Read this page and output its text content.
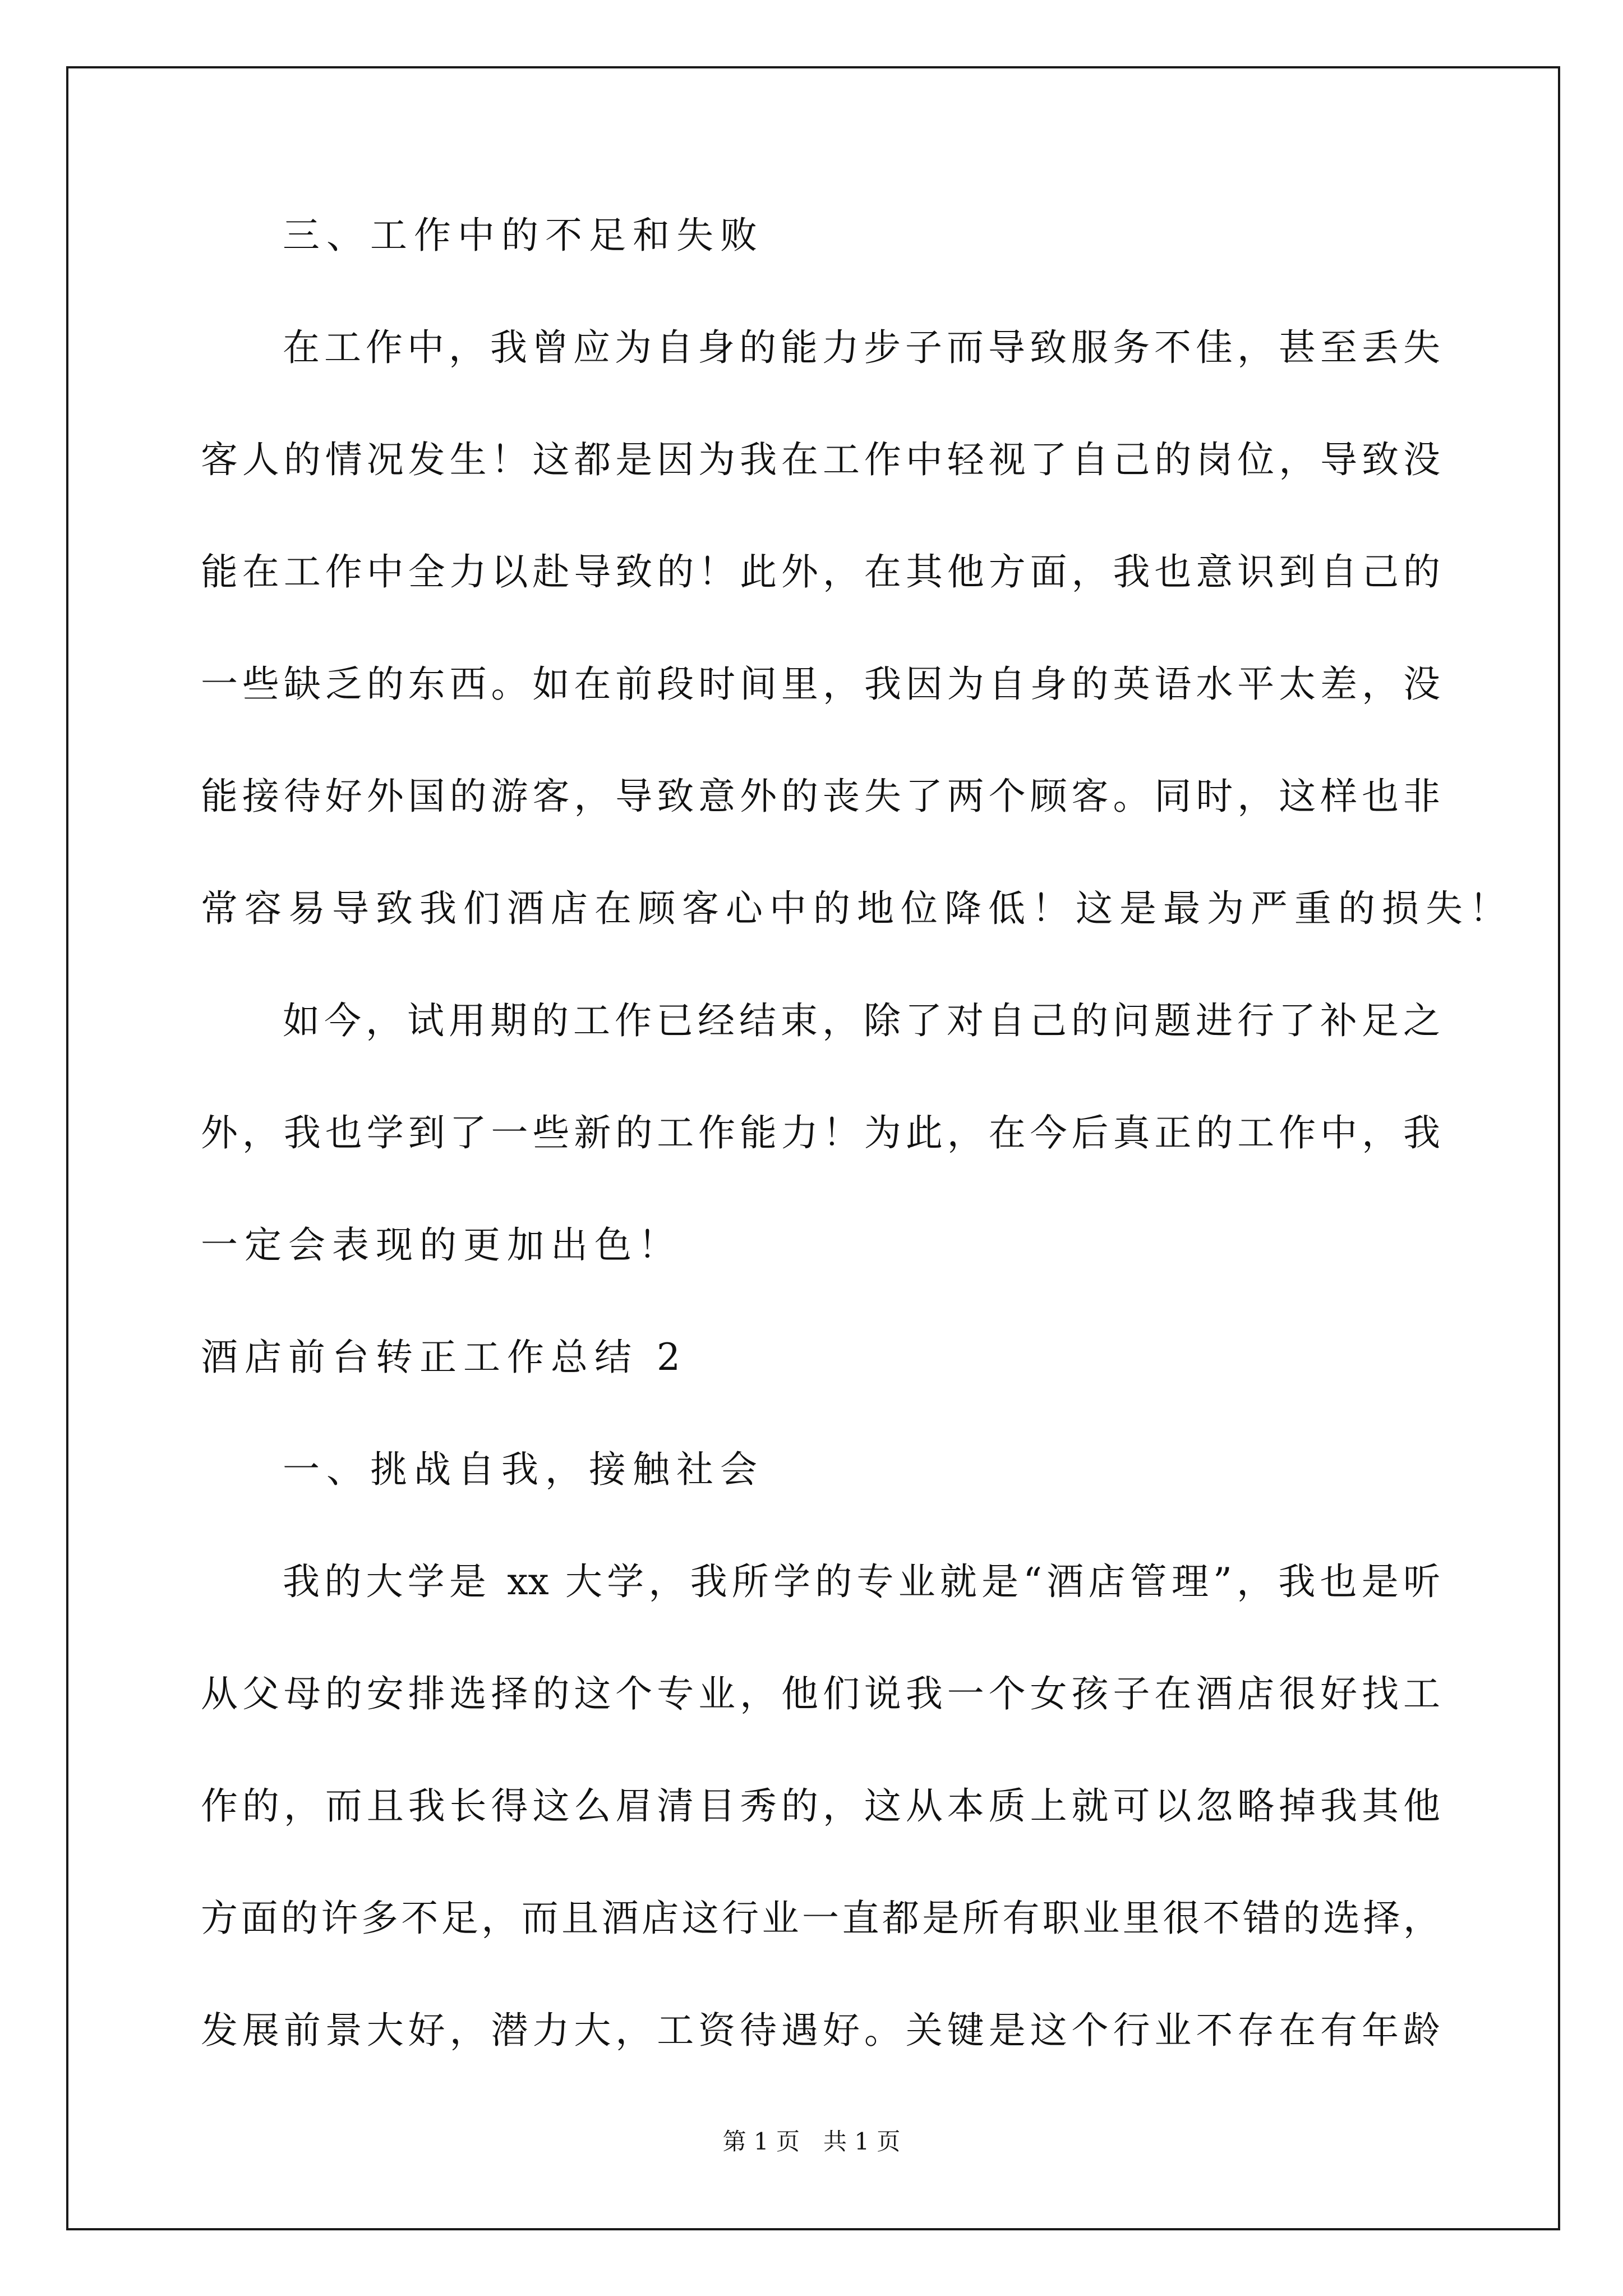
三、工作中的不足和失败
在工作中，我曾应为自身的能力步子而导致服务不佳，甚至丢失
客人的情况发生！这都是因为我在工作中轻视了自己的岗位，导致没
能在工作中全力以赴导致的！此外，在其他方面，我也意识到自己的
一些缺乏的东西。如在前段时间里，我因为自身的英语水平太差，没
能接待好外国的游客，导致意外的丧失了两个顾客。同时，这样也非
常容易导致我们酒店在顾客心中的地位降低！这是最为严重的损失！
如今，试用期的工作已经结束，除了对自己的问题进行了补足之
外，我也学到了一些新的工作能力！为此，在今后真正的工作中，我
一定会表现的更加出色！
酒店前台转正工作总结 2
一、挑战自我，接触社会
我的大学是 xx 大学，我所学的专业就是“酒店管理”，我也是听
从父母的安排选择的这个专业，他们说我一个女孩子在酒店很好找工
作的，而且我长得这么眉清目秀的，这从本质上就可以忽略掉我其他
方面的许多不足，而且酒店这行业一直都是所有职业里很不错的选择，
发展前景大好，潜力大，工资待遇好。关键是这个行业不存在有年龄
第 1 页　共 1 页
